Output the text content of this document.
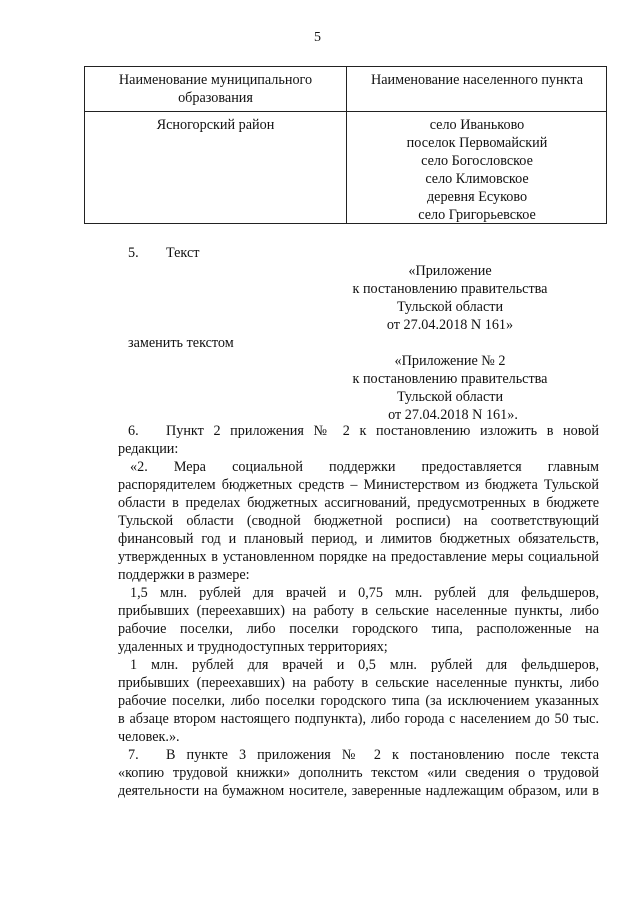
5
Наименование муниципального
образования
Наименование населенного пункта
Ясногорский район	село Иваньково
поселок Первомайский
село Богословское
село Климовское
деревня Есуково
село Григорьевское
5. Текст
«Приложение
к постановлению правительства
Тульской области
от 27.04.2018 N 161»
заменить текстом
«Приложение № 2
к постановлению правительства
Тульской области
от 27.04.2018 N 161».
6. Пункт 2 приложения № 2 к постановлению изложить в новой
редакции:
«2. Мера социальной поддержки предоставляется главным
распорядителем бюджетных средств – Министерством из бюджета Тульской
области в пределах бюджетных ассигнований, предусмотренных в бюджете
Тульской области (сводной бюджетной росписи) на соответствующий
финансовый год и плановый период, и лимитов бюджетных обязательств,
утвержденных в установленном порядке на предоставление меры социальной
поддержки в размере:
1,5 млн. рублей для врачей и 0,75 млн. рублей для фельдшеров,
прибывших (переехавших) на работу в сельские населенные пункты, либо
рабочие поселки, либо поселки городского типа, расположенные на
удаленных и труднодоступных территориях;
1 млн. рублей для врачей и 0,5 млн. рублей для фельдшеров,
прибывших (переехавших) на работу в сельские населенные пункты, либо
рабочие поселки, либо поселки городского типа (за исключением указанных
в абзаце втором настоящего подпункта), либо города с населением до 50 тыс.
человек.».
7. В пункте 3 приложения № 2 к постановлению после текста
«копию трудовой книжки» дополнить текстом «или сведения о трудовой
деятельности на бумажном носителе, заверенные надлежащим образом, или в
